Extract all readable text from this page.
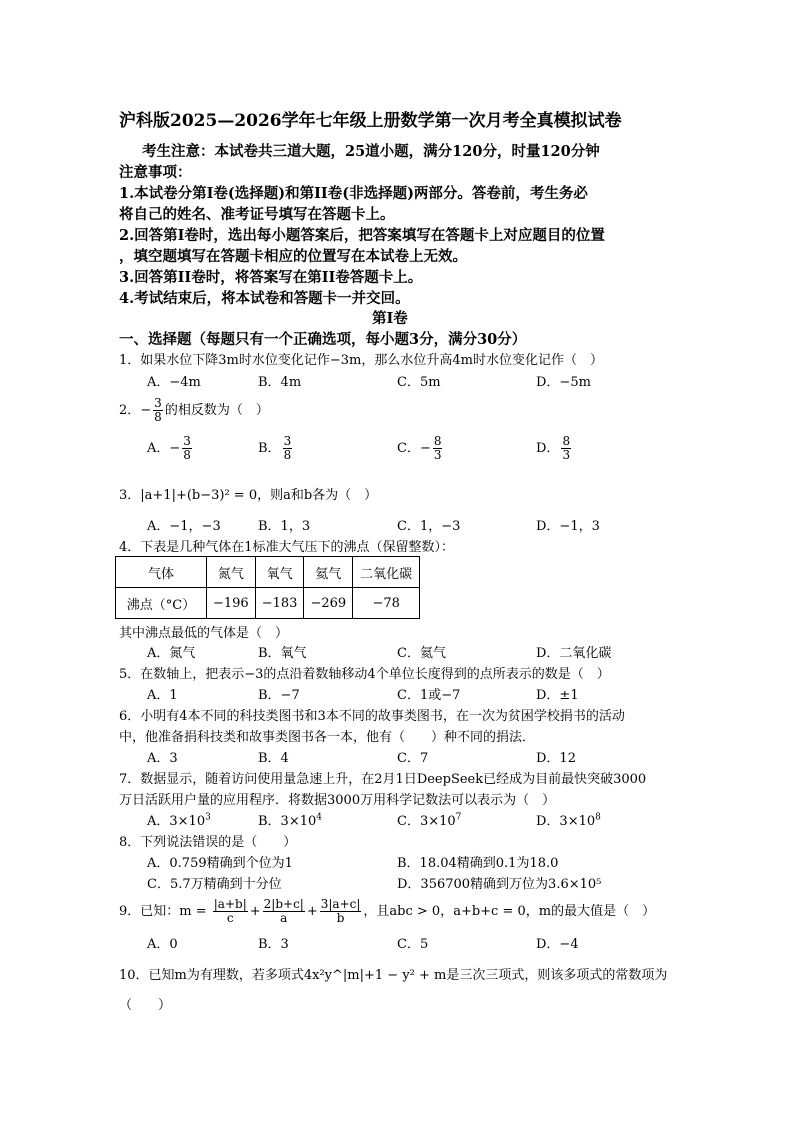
沪科版2025—2026学年七年级上册数学第一次月考全真模拟试卷
考生注意：本试卷共三道大题，25道小题，满分120分，时量120分钟
注意事项：
1.本试卷分第Ⅰ卷(选择题)和第II卷(非选择题)两部分。答卷前，考生务必
将自己的姓名、准考证号填写在答题卡上。
2.回答第Ⅰ卷时，选出每小题答案后，把答案填写在答题卡上对应题目的位置
，填空题填写在答题卡相应的位置写在本试卷上无效。
3.回答第II卷时，将答案写在第II卷答题卡上。
4.考试结束后，将本试卷和答题卡一并交回。
第Ⅰ卷
一、选择题（每题只有一个正确选项，每小题3分，满分30分）
1．如果水位下降3m时水位变化记作−3m，那么水位升高4m时水位变化记作（　）
A．−4m	B．4m	C．5m	D．−5m
2．− $\frac{3}{8}$ 的相反数为（　）
A．− $\frac{3}{8}$	B． $\frac{3}{8}$	C．− $\frac{8}{3}$	D． $\frac{8}{3}$
3．|a+1|+(b−3)² = 0，则a和b各为（　）
A．−1，−3	B．1，3	C．1，−3	D．−1，3
4．下表是几种气体在1标准大气压下的沸点（保留整数）：
气体	氮气	氧气	氦气	二氧化碳
沸点（°C）	−196	−183	−269	−78
其中沸点最低的气体是（　）
A．氮气	B．氧气	C．氦气	D．二氧化碳
5．在数轴上，把表示−3的点沿着数轴移动4个单位长度得到的点所表示的数是（　）
A．1	B．−7	C．1或−7	D．±1
6．小明有4本不同的科技类图书和3本不同的故事类图书，在一次为贫困学校捐书的活动
中，他准备捐科技类和故事类图书各一本，他有（　　）种不同的捐法．
A．3	B．4	C．7	D．12
7．数据显示，随着访问使用量急速上升，在2月1日DeepSeek已经成为目前最快突破3000
万日活跃用户量的应用程序．将数据3000万用科学记数法可以表示为（　）
A．$3\times 10^3$	B．$3\times 10^4$	C．$3\times 10^7$	D．$3\times 10^8$
8．下列说法错误的是（　　）
A．0.759精确到个位为1	B．18.04精确到0.1为18.0
C．5.7万精确到十分位	D．356700精确到万位为3.6×10⁵
9．已知：$m = \frac{|a+b|}{c} + \frac{2|b+c|}{a} + \frac{3|a+c|}{b}$ ，且abc > 0，a+b+c = 0，m的最大值是（　）
A．0	B．3	C．5	D．−4
10．已知m为有理数，若多项式4x²y^|m|+1 − y² + m是三次三项式，则该多项式的常数项为
（　　）
